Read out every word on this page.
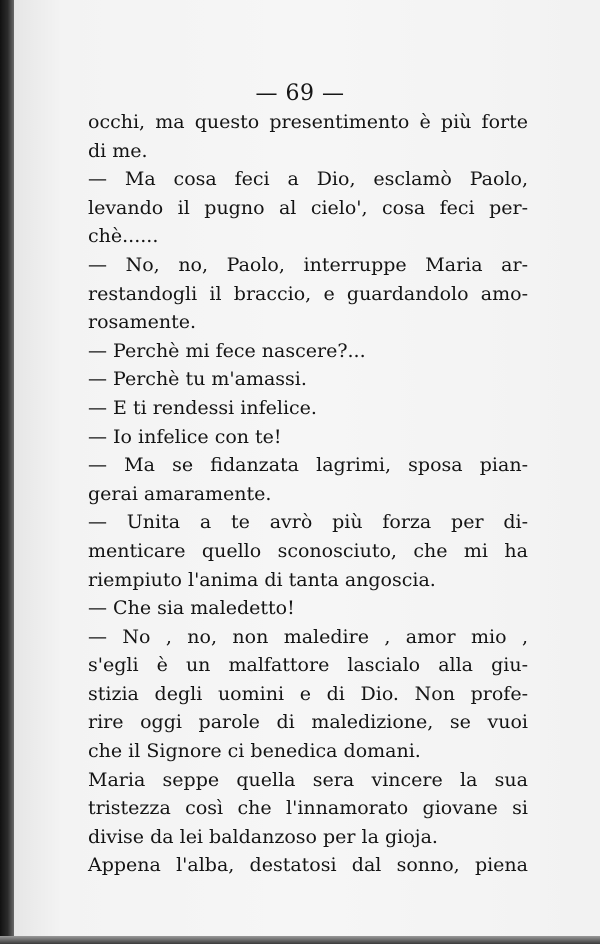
— 69 —
occhi, ma questo presentimento è più forte
di me.
— Ma cosa feci a Dio, esclamò Paolo,
levando il pugno al cielo', cosa feci per-
chè......
— No, no, Paolo, interruppe Maria ar-
restandogli il braccio, e guardandolo amo-
rosamente.
— Perchè mi fece nascere?...
— Perchè tu m'amassi.
— E ti rendessi infelice.
— Io infelice con te!
— Ma se fidanzata lagrimi, sposa pian-
gerai amaramente.
— Unita a te avrò più forza per di-
menticare quello sconosciuto, che mi ha
riempiuto l'anima di tanta angoscia.
— Che sia maledetto!
— No , no, non maledire , amor mio ,
s'egli è un malfattore lascialo alla giu-
stizia degli uomini e di Dio. Non profe-
rire oggi parole di maledizione, se vuoi
che il Signore ci benedica domani.
Maria seppe quella sera vincere la sua
tristezza così che l'innamorato giovane si
divise da lei baldanzoso per la gioja.
Appena l'alba, destatosi dal sonno, piena
